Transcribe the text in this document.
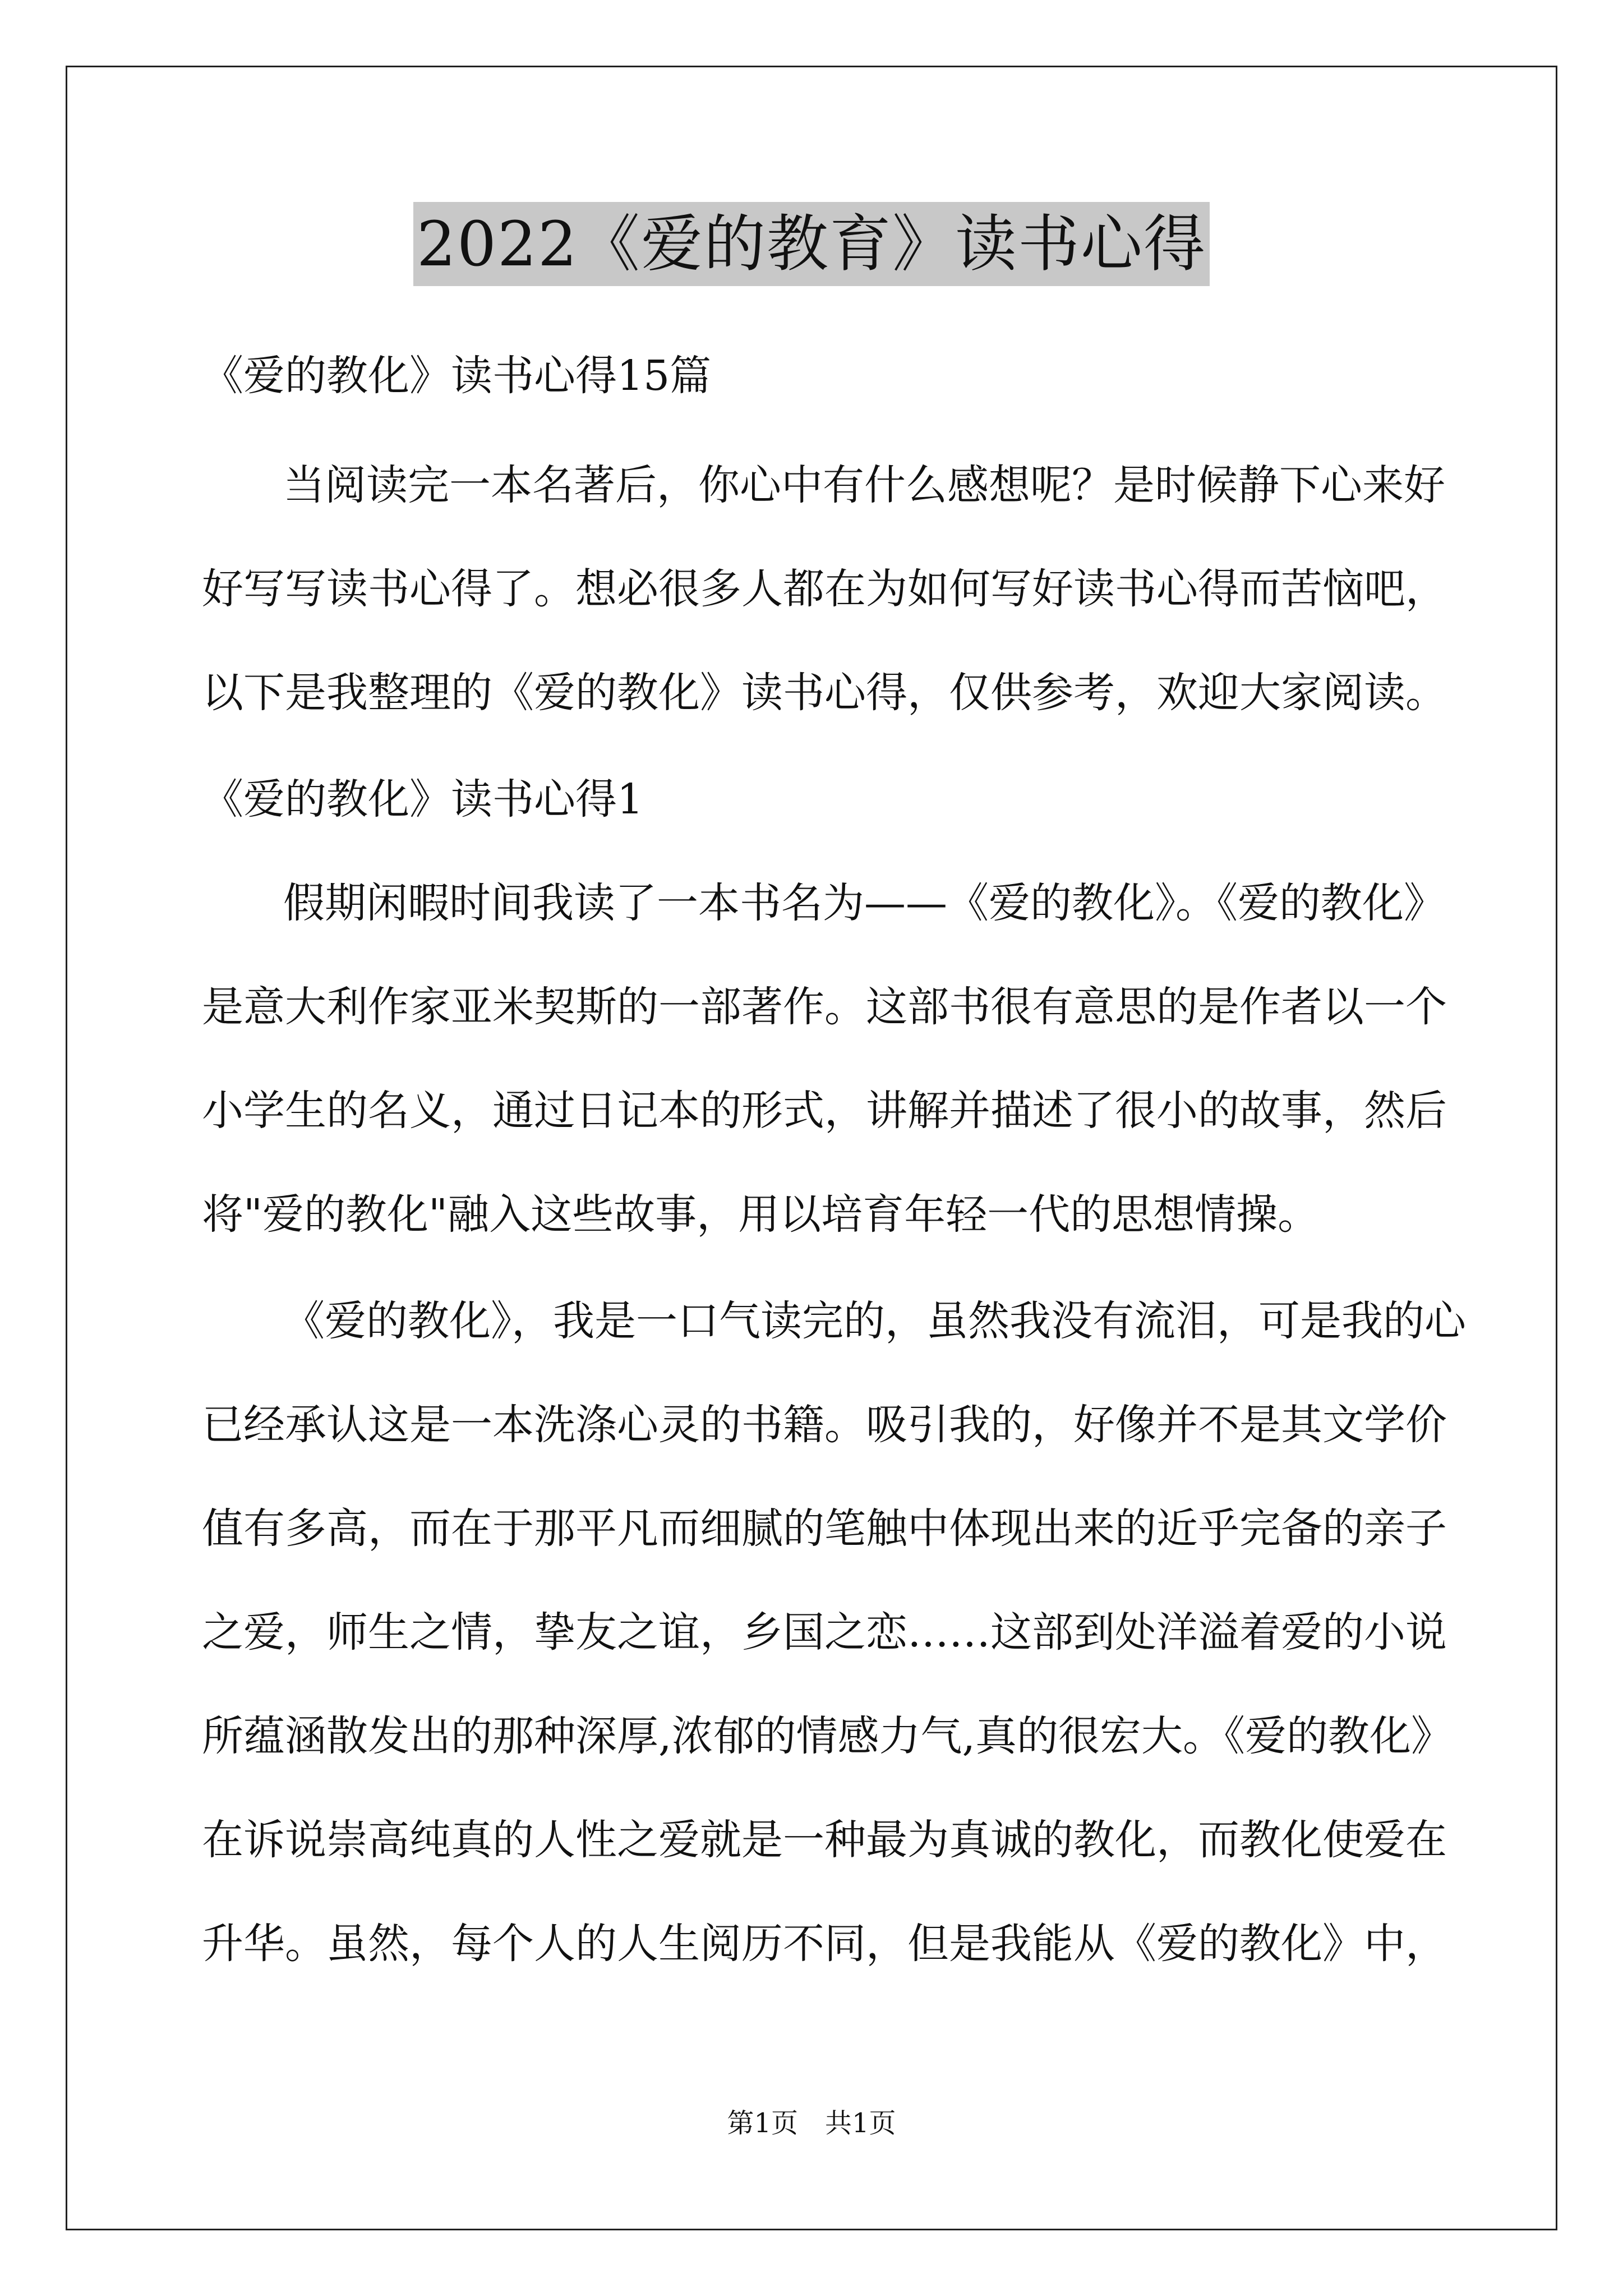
2022《爱的教育》读书心得
《爱的教化》读书心得15篇
当阅读完一本名著后，你心中有什么感想呢？是时候静下心来好
好写写读书心得了。想必很多人都在为如何写好读书心得而苦恼吧，
以下是我整理的《爱的教化》读书心得，仅供参考，欢迎大家阅读。
《爱的教化》读书心得1
假期闲暇时间我读了一本书名为——《爱的教化》。《爱的教化》
是意大利作家亚米契斯的一部著作。这部书很有意思的是作者以一个
小学生的名义，通过日记本的形式，讲解并描述了很小的故事，然后
将"爱的教化"融入这些故事，用以培育年轻一代的思想情操。
《爱的教化》，我是一口气读完的，虽然我没有流泪，可是我的心
已经承认这是一本洗涤心灵的书籍。吸引我的，好像并不是其文学价
值有多高，而在于那平凡而细腻的笔触中体现出来的近乎完备的亲子
之爱，师生之情，挚友之谊，乡国之恋……这部到处洋溢着爱的小说
所蕴涵散发出的那种深厚,浓郁的情感力气,真的很宏大。《爱的教化》
在诉说崇高纯真的人性之爱就是一种最为真诚的教化，而教化使爱在
升华。虽然，每个人的人生阅历不同，但是我能从《爱的教化》中，
第1页　共1页
